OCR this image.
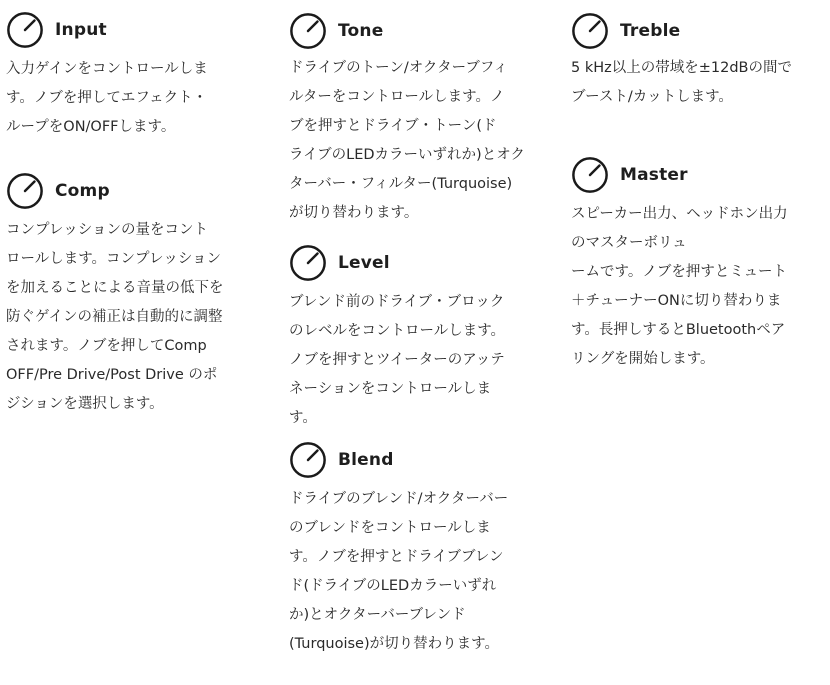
Input
入力ゲインをコントロールしま
す。ノブを押してエフェクト・
ループをON/OFFします。
Comp
コンプレッションの量をコント
ロールします。コンプレッション
を加えることによる音量の低下を
防ぐゲインの補正は自動的に調整
されます。ノブを押してComp
OFF/Pre Drive/Post Drive のポ
ジションを選択します。
Tone
ドライブのトーン/オクターブフィ
ルターをコントロールします。ノ
ブを押すとドライブ・トーン(ド
ライブのLEDカラーいずれか)とオク
ターバー・フィルター(Turquoise)
が切り替わります。
Level
ブレンド前のドライブ・ブロック
のレベルをコントロールします。
ノブを押すとツイーターのアッテ
ネーションをコントロールしま
す。
Blend
ドライブのブレンド/オクターバー
のブレンドをコントロールしま
す。ノブを押すとドライブブレン
ド(ドライブのLEDカラーいずれ
か)とオクターバーブレンド
(Turquoise)が切り替わります。
Treble
5 kHz以上の帯域を±12dBの間で
ブースト/カットします。
Master
スピーカー出力、ヘッドホン出力
のマスターボリュ
ームです。ノブを押すとミュート
＋チューナーONに切り替わりま
す。長押しするとBluetoothペア
リングを開始します。
